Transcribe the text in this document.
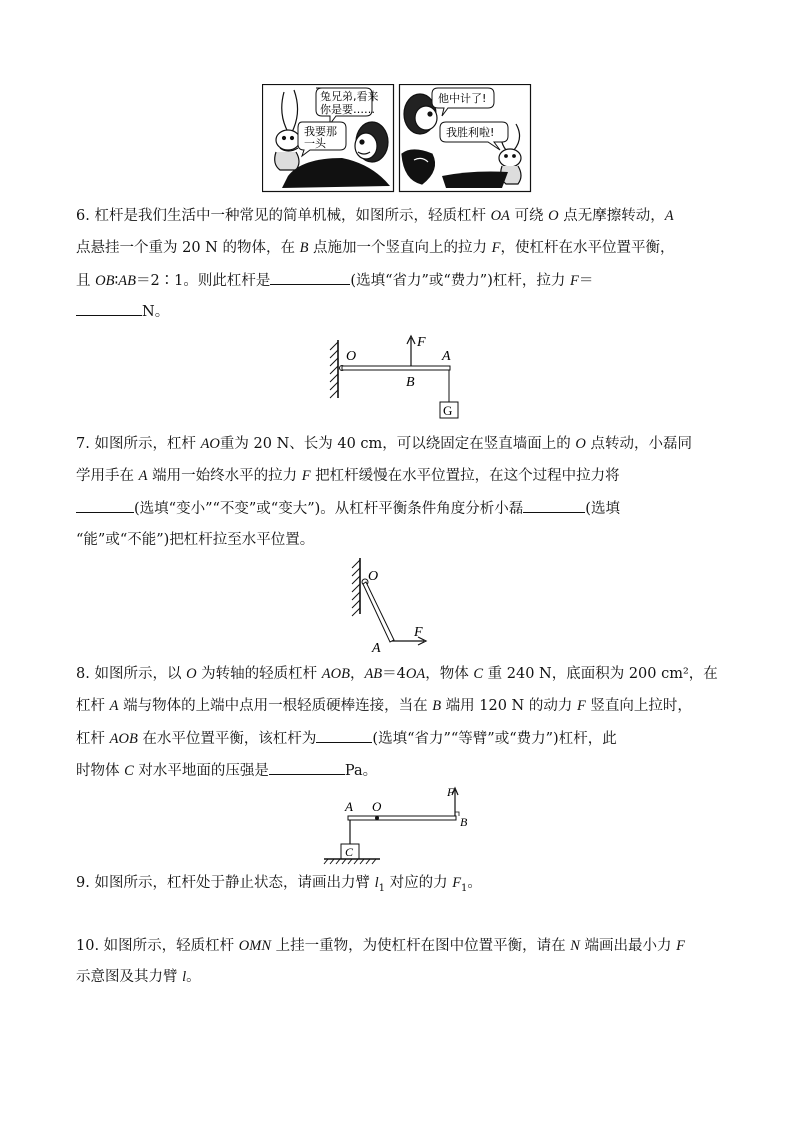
兔兄弟,看来
你是要……
我要那
一头
他中计了!
我胜利啦!
6. 杠杆是我们生活中一种常见的简单机械，如图所示，轻质杠杆 OA 可绕 O 点无摩擦转动，A
点悬挂一个重为 20 N 的物体，在 B 点施加一个竖直向上的拉力 F，使杠杆在水平位置平衡，
且 OB∶AB＝2∶1。则此杠杆是	(选填“省力”或“费力”)杠杆，拉力 F＝
N。
O
F
A
B
G
7. 如图所示，杠杆 AO重为 20 N、长为 40 cm，可以绕固定在竖直墙面上的 O 点转动，小磊同
学用手在 A 端用一始终水平的拉力 F 把杠杆缓慢在水平位置拉，在这个过程中拉力将
(选填“变小”“不变”或“变大”)。从杠杆平衡条件角度分析小磊	(选填
“能”或“不能”)把杠杆拉至水平位置。
O
A
F
8. 如图所示，以 O 为转轴的轻质杠杆 AOB，AB＝4OA，物体 C 重 240 N，底面积为 200 cm²，在
杠杆 A 端与物体的上端中点用一根轻质硬棒连接，当在 B 端用 120 N 的动力 F 竖直向上拉时，
杠杆 AOB 在水平位置平衡，该杠杆为	(选填“省力”“等臂”或“费力”)杠杆，此
时物体 C 对水平地面的压强是	Pa。
A O
F
B
C
9. 如图所示，杠杆处于静止状态，请画出力臂 $l_1$ 对应的力 $F_1$。
10. 如图所示，轻质杠杆 OMN 上挂一重物，为使杠杆在图中位置平衡，请在 N 端画出最小力 F
示意图及其力臂 l。
